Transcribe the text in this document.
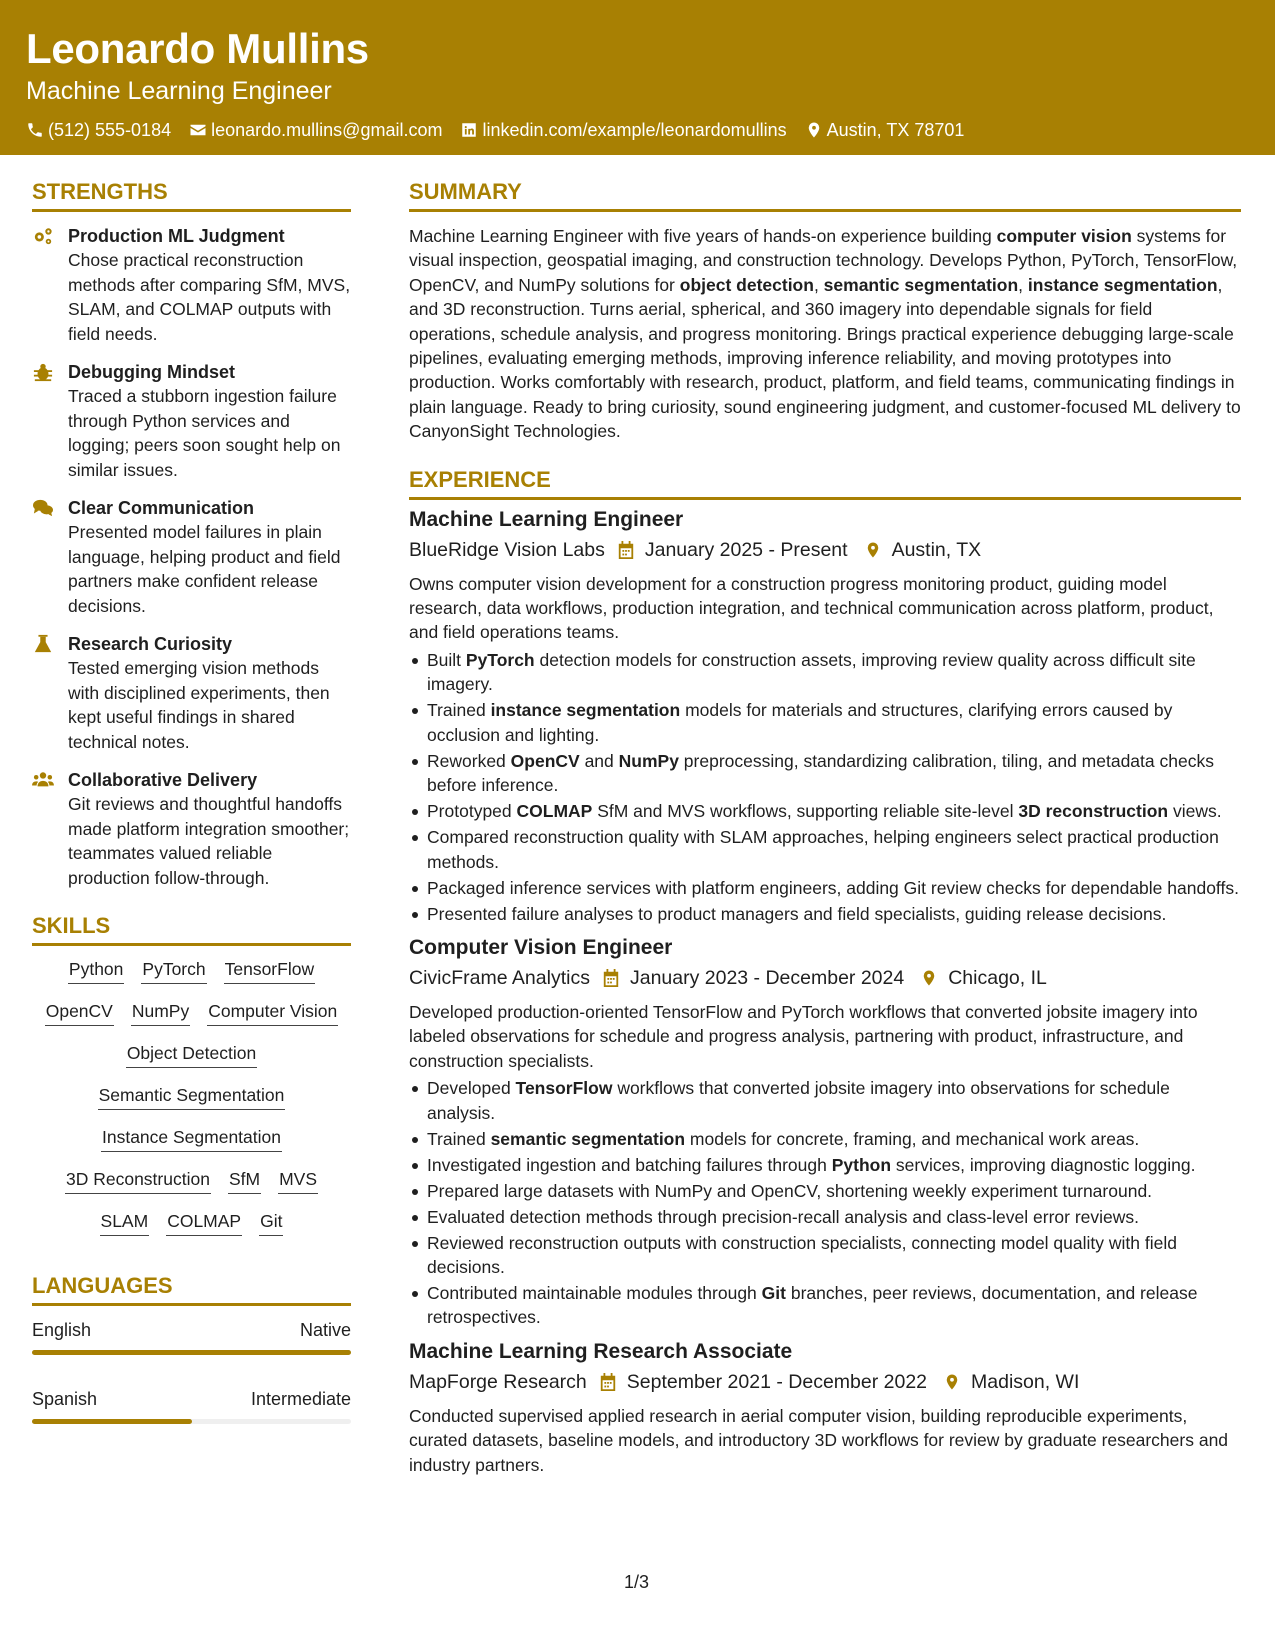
Leonardo Mullins
Machine Learning Engineer
(512) 555-0184 leonardo.mullins@gmail.com linkedin.com/example/leonardomullins Austin, TX 78701
STRENGTHS
Production ML Judgment
Chose practical reconstruction methods after comparing SfM, MVS, SLAM, and COLMAP outputs with field needs.
Debugging Mindset
Traced a stubborn ingestion failure through Python services and logging; peers soon sought help on similar issues.
Clear Communication
Presented model failures in plain language, helping product and field partners make confident release decisions.
Research Curiosity
Tested emerging vision methods with disciplined experiments, then kept useful findings in shared technical notes.
Collaborative Delivery
Git reviews and thoughtful handoffs made platform integration smoother; teammates valued reliable production follow-through.
SKILLS
Python PyTorch TensorFlow
OpenCV NumPy Computer Vision
Object Detection
Semantic Segmentation
Instance Segmentation
3D Reconstruction SfM MVS
SLAM COLMAP Git
LANGUAGES
English	Native
Spanish	Intermediate
SUMMARY

Machine Learning Engineer with five years of hands-on experience building computer vision systems for visual inspection, geospatial imaging, and construction technology. Develops Python, PyTorch, TensorFlow, OpenCV, and NumPy solutions for object detection, semantic segmentation, instance segmentation, and 3D reconstruction. Turns aerial, spherical, and 360 imagery into dependable signals for field operations, schedule analysis, and progress monitoring. Brings practical experience debugging large-scale pipelines, evaluating emerging methods, improving inference reliability, and moving prototypes into production. Works comfortably with research, product, platform, and field teams, communicating findings in plain language. Ready to bring curiosity, sound engineering judgment, and customer-focused ML delivery to CanyonSight Technologies.

EXPERIENCE
Machine Learning Engineer
BlueRidge Vision Labs January 2025 - Present Austin, TX

Owns computer vision development for a construction progress monitoring product, guiding model research, data workflows, production integration, and technical communication across platform, product, and field operations teams.

Built PyTorch detection models for construction assets, improving review quality across difficult site imagery.
Trained instance segmentation models for materials and structures, clarifying errors caused by occlusion and lighting.
Reworked OpenCV and NumPy preprocessing, standardizing calibration, tiling, and metadata checks before inference.
Prototyped COLMAP SfM and MVS workflows, supporting reliable site-level 3D reconstruction views.
Compared reconstruction quality with SLAM approaches, helping engineers select practical production methods.
Packaged inference services with platform engineers, adding Git review checks for dependable handoffs.
Presented failure analyses to product managers and field specialists, guiding release decisions.
Computer Vision Engineer
CivicFrame Analytics January 2023 - December 2024 Chicago, IL

Developed production-oriented TensorFlow and PyTorch workflows that converted jobsite imagery into labeled observations for schedule and progress analysis, partnering with product, infrastructure, and construction specialists.

Developed TensorFlow workflows that converted jobsite imagery into observations for schedule analysis.
Trained semantic segmentation models for concrete, framing, and mechanical work areas.
Investigated ingestion and batching failures through Python services, improving diagnostic logging.
Prepared large datasets with NumPy and OpenCV, shortening weekly experiment turnaround.
Evaluated detection methods through precision-recall analysis and class-level error reviews.
Reviewed reconstruction outputs with construction specialists, connecting model quality with field decisions.
Contributed maintainable modules through Git branches, peer reviews, documentation, and release retrospectives.
Machine Learning Research Associate
MapForge Research September 2021 - December 2022 Madison, WI

Conducted supervised applied research in aerial computer vision, building reproducible experiments, curated datasets, baseline models, and introductory 3D workflows for review by graduate researchers and industry partners.

1/3
